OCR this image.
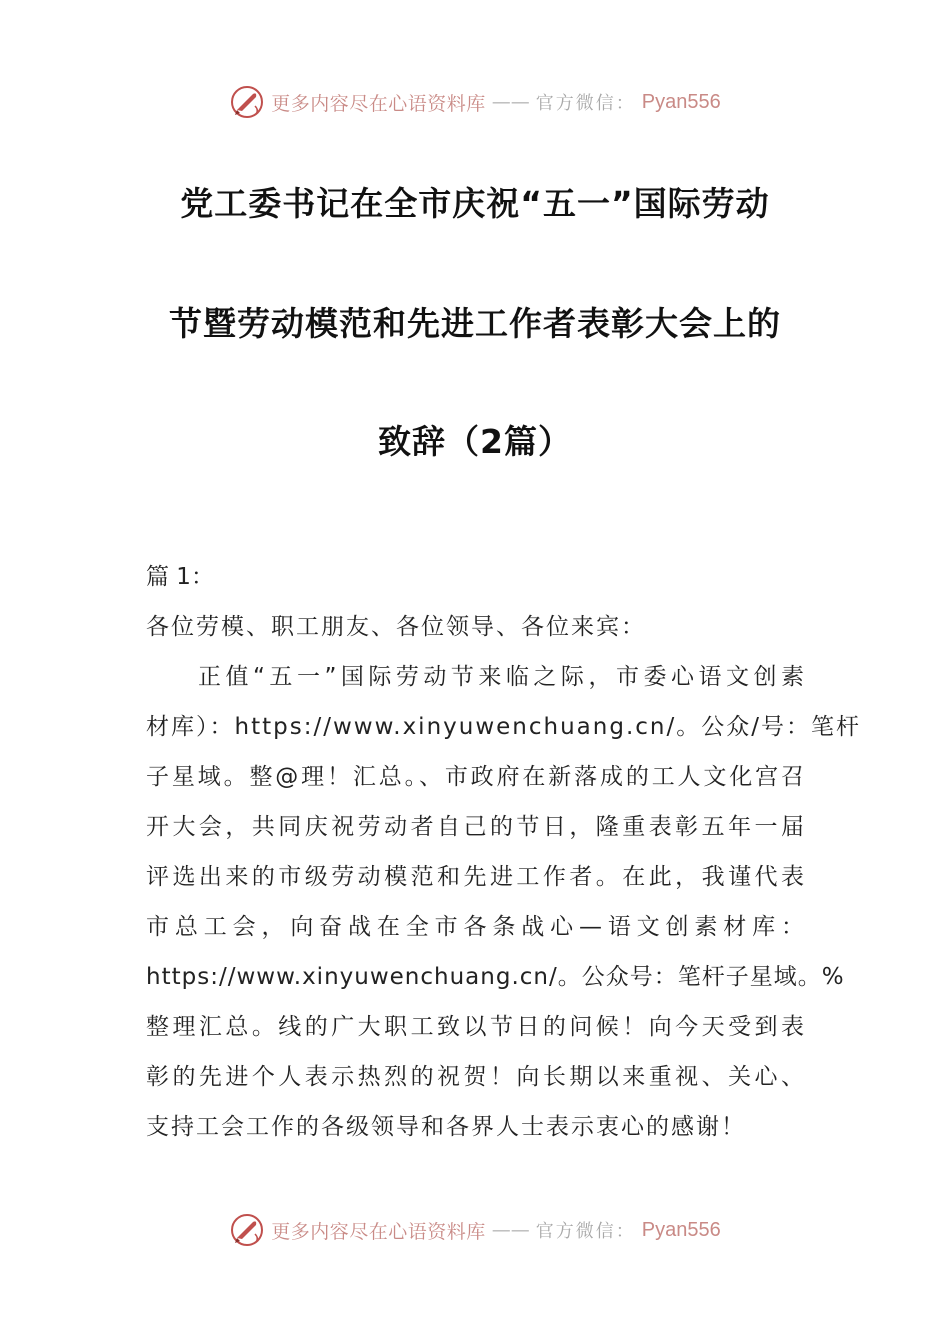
更多内容尽在心语资料库 —— 官方微信： Pyan556
党工委书记在全市庆祝“五一”国际劳动
节暨劳动模范和先进工作者表彰大会上的
致辞（2篇）
篇 1：
各位劳模、职工朋友、各位领导、各位来宾：
正值“五一”国际劳动节来临之际，市委心语文创素
材库）：https://www.xinyuwenchuang.cn/。公众/号：笔杆
子星域。整@理！汇总。、市政府在新落成的工人文化宫召
开大会，共同庆祝劳动者自己的节日，隆重表彰五年一届
评选出来的市级劳动模范和先进工作者。在此，我谨代表
市总工会，向奋战在全市各条战心—语文创素材库：
https://www.xinyuwenchuang.cn/。公众号：笔杆子星域。%
整理汇总。线的广大职工致以节日的问候！向今天受到表
彰的先进个人表示热烈的祝贺！向长期以来重视、关心、
支持工会工作的各级领导和各界人士表示衷心的感谢！
更多内容尽在心语资料库 —— 官方微信： Pyan556
